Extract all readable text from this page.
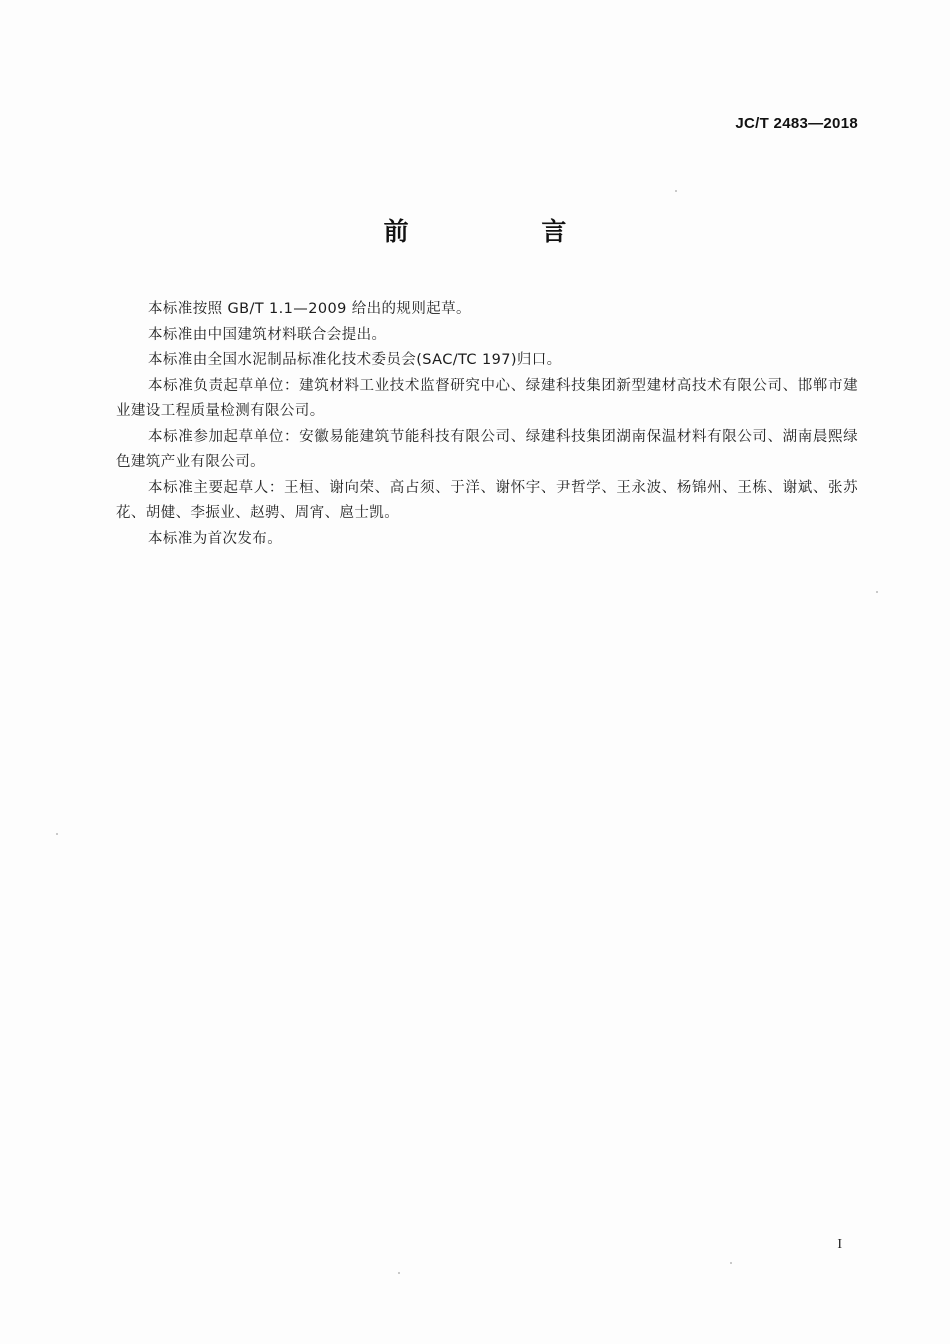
JC/T 2483—2018
前 言

本标准按照 GB/T 1.1—2009 给出的规则起草。

本标准由中国建筑材料联合会提出。

本标准由全国水泥制品标准化技术委员会(SAC/TC 197)归口。

本标准负责起草单位：建筑材料工业技术监督研究中心、绿建科技集团新型建材高技术有限公司、邯郸市建业建设工程质量检测有限公司。

本标准参加起草单位：安徽易能建筑节能科技有限公司、绿建科技集团湖南保温材料有限公司、湖南晨熙绿色建筑产业有限公司。

本标准主要起草人：王桓、谢向荣、高占须、于洋、谢怀宇、尹哲学、王永波、杨锦州、王栋、谢斌、张苏花、胡健、李振业、赵骋、周宵、扈士凯。

本标准为首次发布。

I
